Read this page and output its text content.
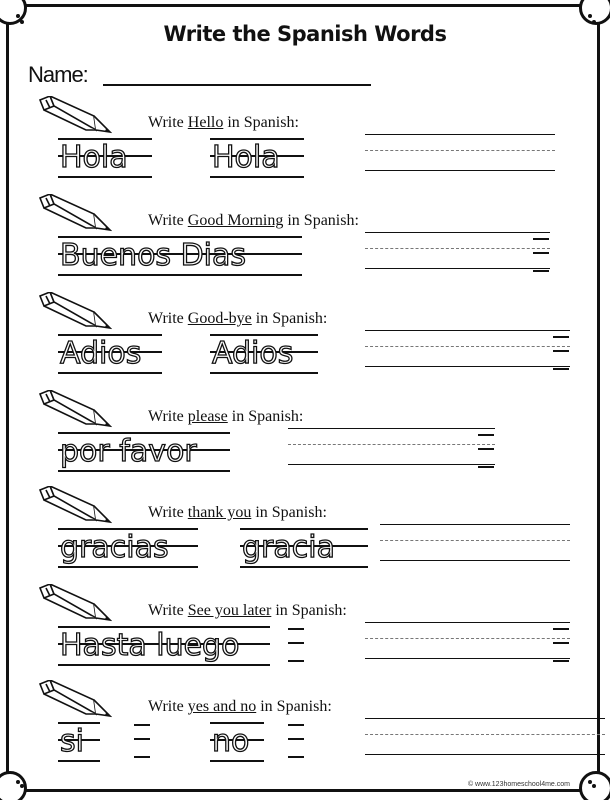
Write the Spanish Words
Name:
Write Hello in Spanish:
Hola	Hola
Write Good Morning in Spanish:
Buenos Dias
Write Good-bye in Spanish:
Adios	Adios
Write please in Spanish:
por favor
Write thank you in Spanish:
gracias	gracia
Write See you later in Spanish:
Hasta luego
Write yes and no in Spanish:
si	no
© www.123homeschool4me.com
